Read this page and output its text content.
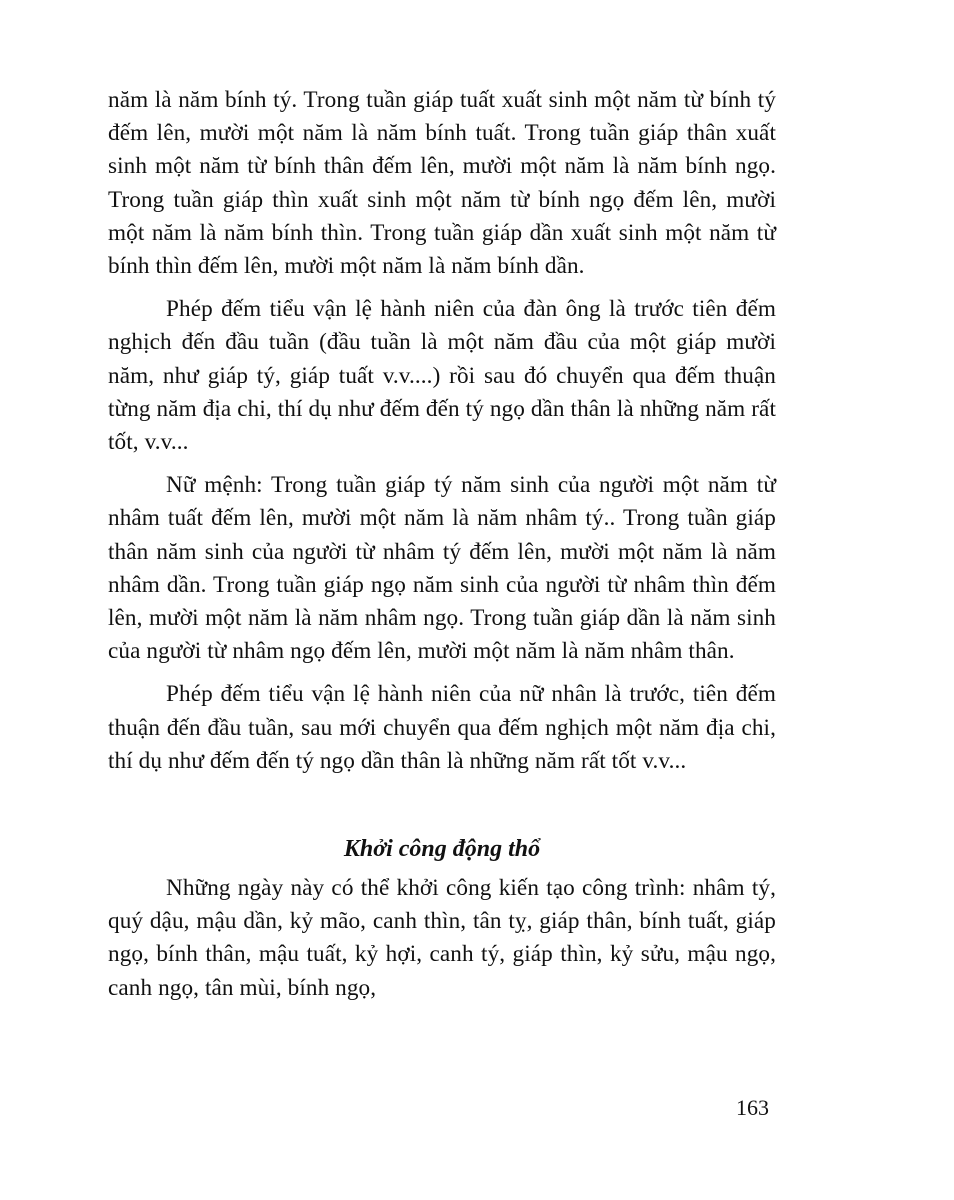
năm là năm bính tý. Trong tuần giáp tuất xuất sinh một năm từ bính tý đếm lên, mười một năm là năm bính tuất. Trong tuần giáp thân xuất sinh một năm từ bính thân đếm lên, mười một năm là năm bính ngọ. Trong tuần giáp thìn xuất sinh một năm từ bính ngọ đếm lên, mười một năm là năm bính thìn. Trong tuần giáp dần xuất sinh một năm từ bính thìn đếm lên, mười một năm là năm bính dần.

Phép đếm tiểu vận lệ hành niên của đàn ông là trước tiên đếm nghịch đến đầu tuần (đầu tuần là một năm đầu của một giáp mười năm, như giáp tý, giáp tuất v.v....) rồi sau đó chuyển qua đếm thuận từng năm địa chi, thí dụ như đếm đến tý ngọ dần thân là những năm rất tốt, v.v...

Nữ mệnh: Trong tuần giáp tý năm sinh của người một năm từ nhâm tuất đếm lên, mười một năm là năm nhâm tý.. Trong tuần giáp thân năm sinh của người từ nhâm tý đếm lên, mười một năm là năm nhâm dần. Trong tuần giáp ngọ năm sinh của người từ nhâm thìn đếm lên, mười một năm là năm nhâm ngọ. Trong tuần giáp dần là năm sinh của người từ nhâm ngọ đếm lên, mười một năm là năm nhâm thân.

Phép đếm tiểu vận lệ hành niên của nữ nhân là trước, tiên đếm thuận đến đầu tuần, sau mới chuyển qua đếm nghịch một năm địa chi, thí dụ như đếm đến tý ngọ dần thân là những năm rất tốt v.v...

Khởi công động thổ

Những ngày này có thể khởi công kiến tạo công trình: nhâm tý, quý dậu, mậu dần, kỷ mão, canh thìn, tân tỵ, giáp thân, bính tuất, giáp ngọ, bính thân, mậu tuất, kỷ hợi, canh tý, giáp thìn, kỷ sửu, mậu ngọ, canh ngọ, tân mùi, bính ngọ,

163
